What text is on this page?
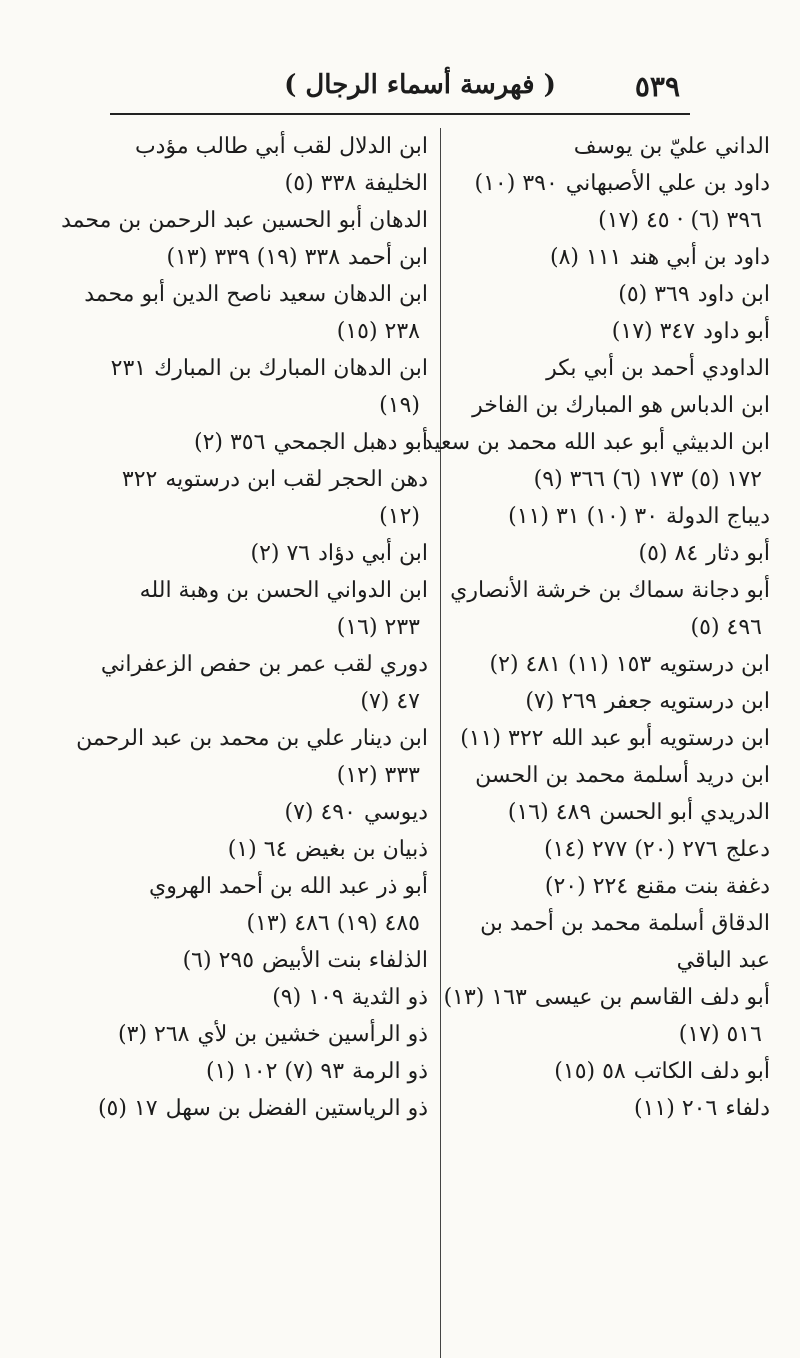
٥٣٩
( فهرسة أسماء الرجال )
الداني عليّ بن يوسف
داود بن علي الأصبهاني٣٩٠ (١٠)
٣٩٦ (٦) · ٤٥ (١٧)
داود بن أبي هند١١١ (٨)
ابن داود٣٦٩ (٥)
أبو داود٣٤٧ (١٧)
الداودي أحمد بن أبي بكر
ابن الدباس هو المبارك بن الفاخر
ابن الدبيثي أبو عبد الله محمد بن سعيد
١٧٢ (٥) ١٧٣ (٦) ٣٦٦ (٩)
ديباج الدولة٣٠ (١٠) ٣١ (١١)
أبو دثار٨٤ (٥)
أبو دجانة سماك بن خرشة الأنصاري
٤٩٦ (٥)
ابن درستويه١٥٣ (١١) ٤٨١ (٢)
ابن درستويه جعفر٢٦٩ (٧)
ابن درستويه أبو عبد الله٣٢٢ (١١)
ابن دريد أسلمة محمد بن الحسن
الدريدي أبو الحسن٤٨٩ (١٦)
دعلج٢٧٦ (٢٠) ٢٧٧ (١٤)
دغفة بنت مقنع٢٢٤ (٢٠)
الدقاق أسلمة محمد بن أحمد بن
عبد الباقي
أبو دلف القاسم بن عيسى١٦٣ (١٣)
٥١٦ (١٧)
أبو دلف الكاتب٥٨ (١٥)
دلفاء٢٠٦ (١١)
ابن الدلال لقب أبي طالب مؤدب
الخليفة٣٣٨ (٥)
الدهان أبو الحسين عبد الرحمن بن محمد
ابن أحمد٣٣٨ (١٩) ٣٣٩ (١٣)
ابن الدهان سعيد ناصح الدين أبو محمد
٢٣٨ (١٥)
ابن الدهان المبارك بن المبارك٢٣١
(١٩)
أبو دهبل الجمحي٣٥٦ (٢)
دهن الحجر لقب ابن درستويه٣٢٢
(١٢)
ابن أبي دؤاد٧٦ (٢)
ابن الدواني الحسن بن وهبة الله
٢٣٣ (١٦)
دوري لقب عمر بن حفص الزعفراني
٤٧ (٧)
ابن دينار علي بن محمد بن عبد الرحمن
٣٣٣ (١٢)
ديوسي٤٩٠ (٧)
ذبيان بن بغيض٦٤ (١)
أبو ذر عبد الله بن أحمد الهروي
٤٨٥ (١٩) ٤٨٦ (١٣)
الذلفاء بنت الأبيض٢٩٥ (٦)
ذو الثدية١٠٩ (٩)
ذو الرأسين خشين بن لأي٢٦٨ (٣)
ذو الرمة٩٣ (٧) ١٠٢ (١)
ذو الرياستين الفضل بن سهل١٧ (٥)
